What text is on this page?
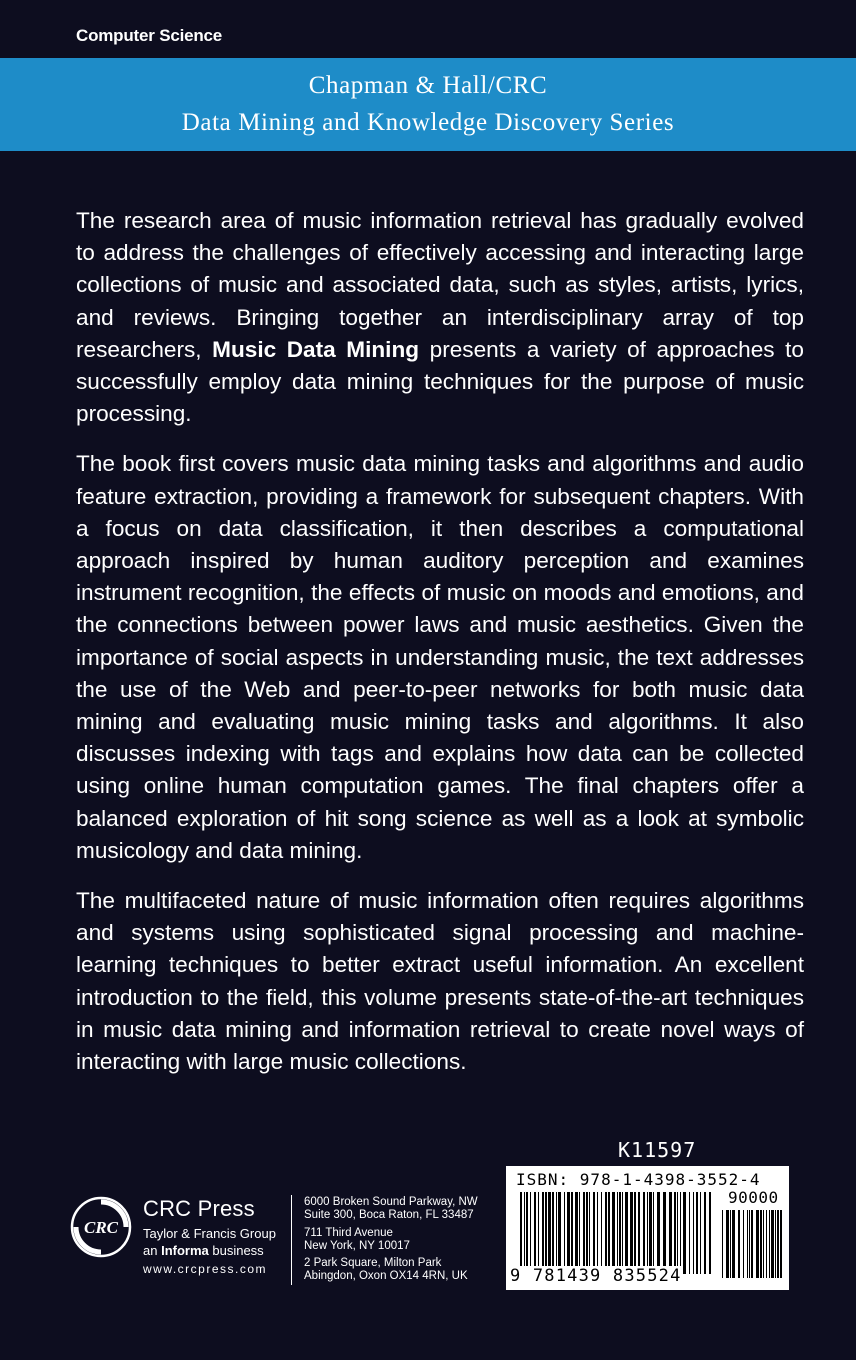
Computer Science
Chapman & Hall/CRC
Data Mining and Knowledge Discovery Series

The research area of music information retrieval has gradually evolved to address the challenges of effectively accessing and interacting large collections of music and associated data, such as styles, artists, lyrics, and reviews. Bringing together an interdisciplinary array of top researchers, Music Data Mining presents a variety of approaches to successfully employ data mining techniques for the purpose of music processing.

The book first covers music data mining tasks and algorithms and audio feature extraction, providing a framework for subsequent chapters. With a focus on data classification, it then describes a computational approach inspired by human auditory perception and examines instrument recognition, the effects of music on moods and emotions, and the connections between power laws and music aesthetics. Given the importance of social aspects in understanding music, the text addresses the use of the Web and peer-to-peer networks for both music data mining and evaluating music mining tasks and algorithms. It also discusses indexing with tags and explains how data can be collected using online human computation games. The final chapters offer a balanced exploration of hit song science as well as a look at symbolic musicology and data mining.

The multifaceted nature of music information often requires algorithms and systems using sophisticated signal processing and machine-learning techniques to better extract useful information. An excellent introduction to the field, this volume presents state-of-the-art techniques in music data mining and information retrieval to create novel ways of interacting with large music collections.

K11597
ISBN: 978-1-4398-3552-4
90000
9 781439 835524
CRC
CRC Press
Taylor & Francis Group
an Informa business
www.crcpress.com
6000 Broken Sound Parkway, NW
Suite 300, Boca Raton, FL 33487
711 Third Avenue
New York, NY 10017
2 Park Square, Milton Park
Abingdon, Oxon OX14 4RN, UK
